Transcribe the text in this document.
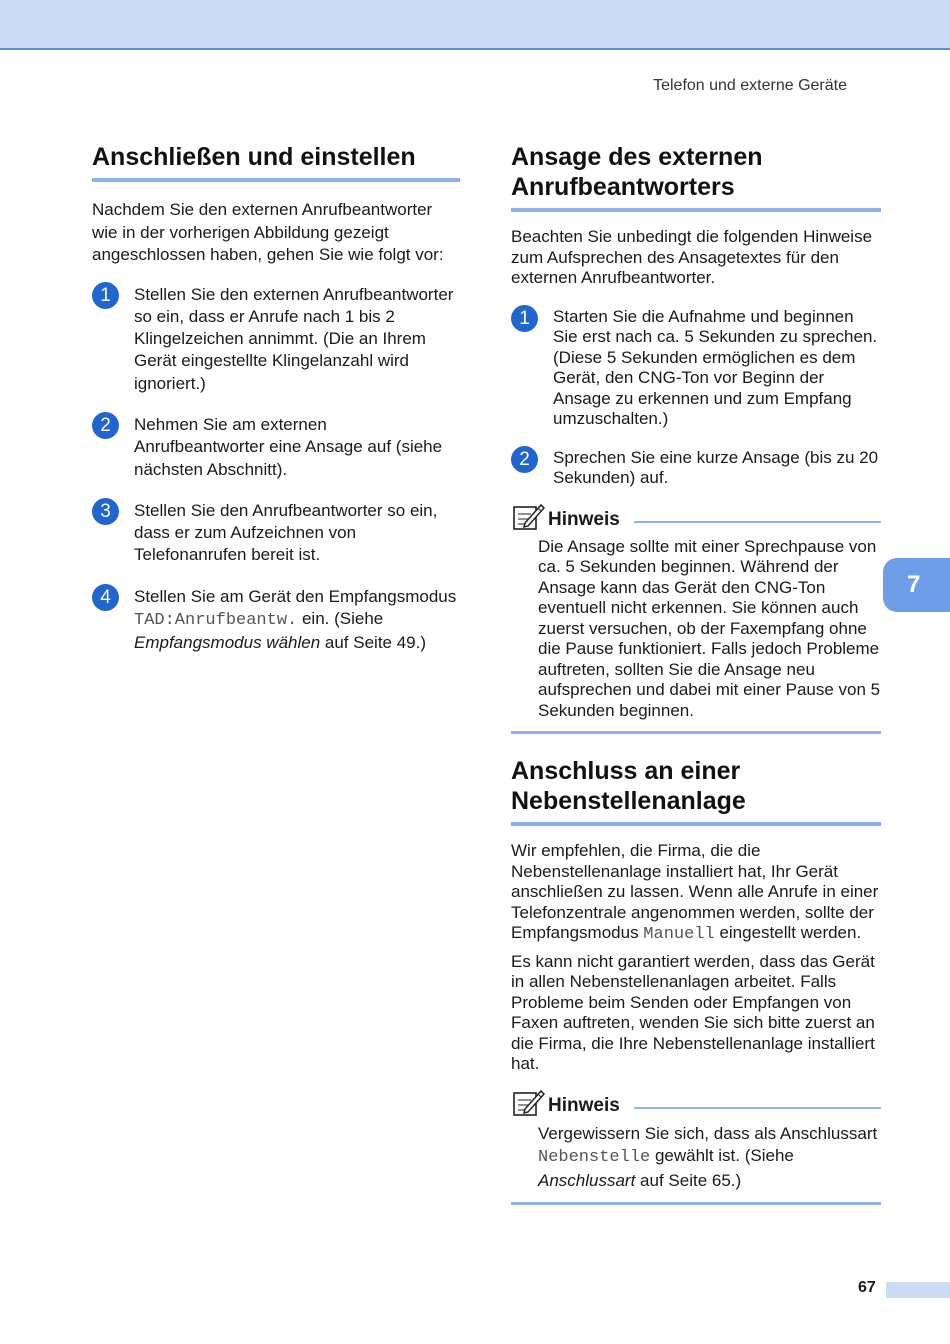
Telefon und externe Geräte
Anschließen und einstellen

Nachdem Sie den externen Anrufbeantworter wie in der vorherigen Abbildung gezeigt angeschlossen haben, gehen Sie wie folgt vor:

1	Stellen Sie den externen Anrufbeantworter so ein, dass er Anrufe nach 1 bis 2 Klingelzeichen annimmt. (Die an Ihrem Gerät eingestellte Klingelanzahl wird ignoriert.)
2	Nehmen Sie am externen Anrufbeantworter eine Ansage auf (siehe nächsten Abschnitt).
3	Stellen Sie den Anrufbeantworter so ein, dass er zum Aufzeichnen von Telefonanrufen bereit ist.
4	Stellen Sie am Gerät den Empfangsmodus TAD:Anrufbeantw. ein. (Siehe Empfangsmodus wählen auf Seite 49.)
Ansage des externen
Anrufbeantworters

Beachten Sie unbedingt die folgenden Hinweise zum Aufsprechen des Ansagetextes für den externen Anrufbeantworter.

1	Starten Sie die Aufnahme und beginnen Sie erst nach ca. 5 Sekunden zu sprechen. (Diese 5 Sekunden ermöglichen es dem Gerät, den CNG-Ton vor Beginn der Ansage zu erkennen und zum Empfang umzuschalten.)
2	Sprechen Sie eine kurze Ansage (bis zu 20 Sekunden) auf.
Hinweis
Die Ansage sollte mit einer Sprechpause von ca. 5 Sekunden beginnen. Während der Ansage kann das Gerät den CNG-Ton eventuell nicht erkennen. Sie können auch zuerst versuchen, ob der Faxempfang ohne die Pause funktioniert. Falls jedoch Probleme auftreten, sollten Sie die Ansage neu aufsprechen und dabei mit einer Pause von 5 Sekunden beginnen.
Anschluss an einer
Nebenstellenanlage

Wir empfehlen, die Firma, die die Nebenstellenanlage installiert hat, Ihr Gerät anschließen zu lassen. Wenn alle Anrufe in einer Telefonzentrale angenommen werden, sollte der Empfangsmodus Manuell eingestellt werden.

Es kann nicht garantiert werden, dass das Gerät in allen Nebenstellenanlagen arbeitet. Falls Probleme beim Senden oder Empfangen von Faxen auftreten, wenden Sie sich bitte zuerst an die Firma, die Ihre Nebenstellenanlage installiert hat.

Hinweis
Vergewissern Sie sich, dass als Anschlussart Nebenstelle gewählt ist. (Siehe Anschlussart auf Seite 65.)
7
67
